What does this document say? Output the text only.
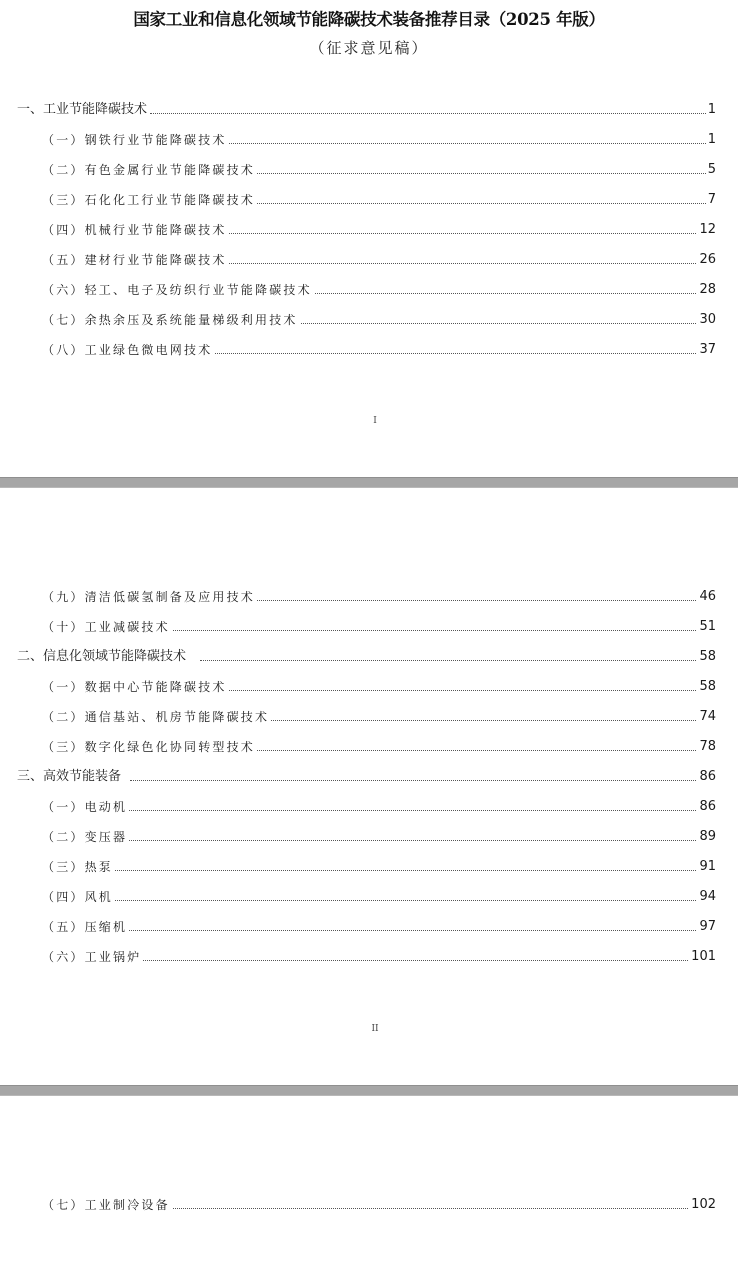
国家工业和信息化领域节能降碳技术装备推荐目录（2025 年版）
（征求意见稿）
一、工业节能降碳技术	1
（一）钢铁行业节能降碳技术	1
（二）有色金属行业节能降碳技术	5
（三）石化化工行业节能降碳技术	7
（四）机械行业节能降碳技术	12
（五）建材行业节能降碳技术	26
（六）轻工、电子及纺织行业节能降碳技术	28
（七）余热余压及系统能量梯级利用技术	30
（八）工业绿色微电网技术	37
I
（九）清洁低碳氢制备及应用技术	46
（十）工业减碳技术	51
二、信息化领域节能降碳技术	58
（一）数据中心节能降碳技术	58
（二）通信基站、机房节能降碳技术	74
（三）数字化绿色化协同转型技术	78
三、高效节能装备	86
（一）电动机	86
（二）变压器	89
（三）热泵	91
（四）风机	94
（五）压缩机	97
（六）工业锅炉	101
II
（七）工业制冷设备	102
